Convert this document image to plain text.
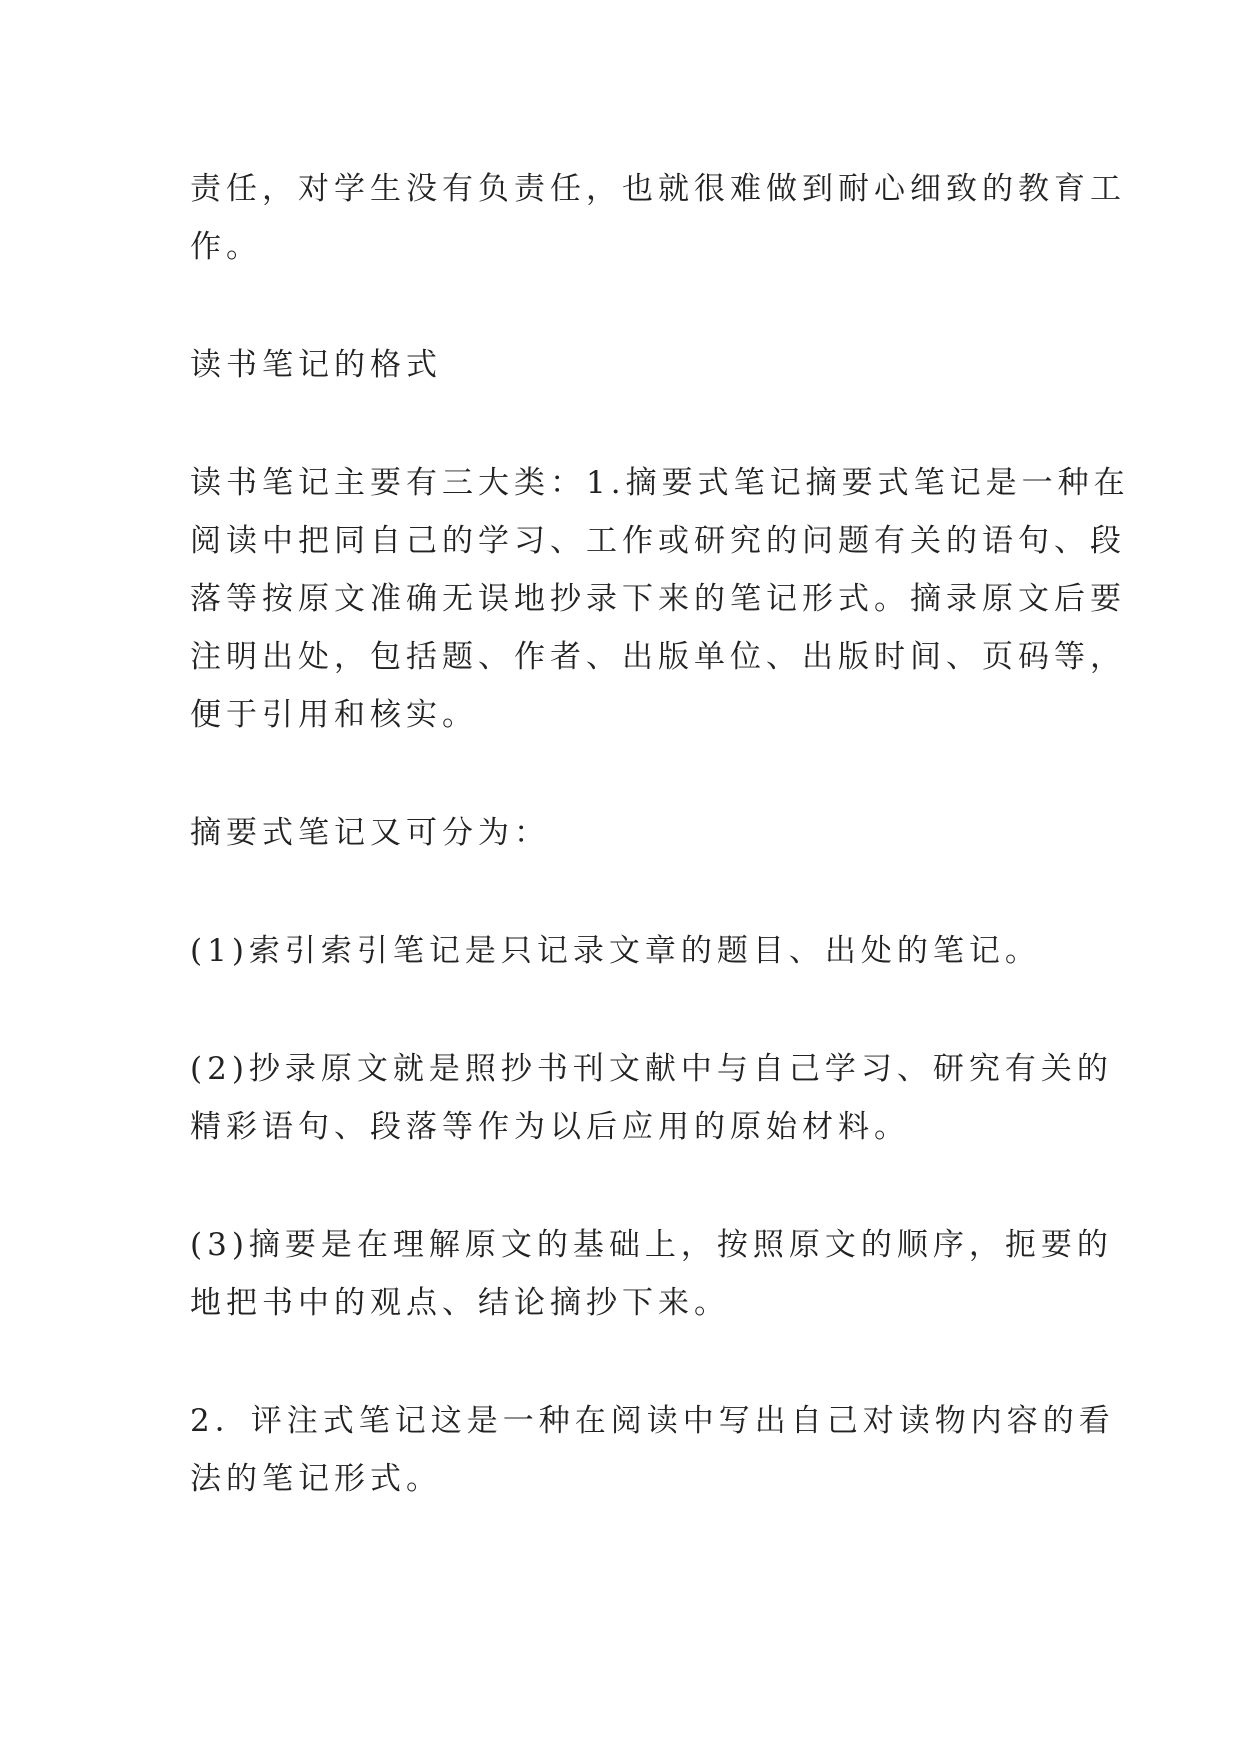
责任，对学生没有负责任，也就很难做到耐心细致的教育工
作。

读书笔记的格式

读书笔记主要有三大类：1.摘要式笔记摘要式笔记是一种在
阅读中把同自己的学习、工作或研究的问题有关的语句、段
落等按原文准确无误地抄录下来的笔记形式。摘录原文后要
注明出处，包括题、作者、出版单位、出版时间、页码等，
便于引用和核实。

摘要式笔记又可分为：

(1)索引索引笔记是只记录文章的题目、出处的笔记。

(2)抄录原文就是照抄书刊文献中与自己学习、研究有关的
精彩语句、段落等作为以后应用的原始材料。

(3)摘要是在理解原文的基础上，按照原文的顺序，扼要的
地把书中的观点、结论摘抄下来。

2．评注式笔记这是一种在阅读中写出自己对读物内容的看
法的笔记形式。
